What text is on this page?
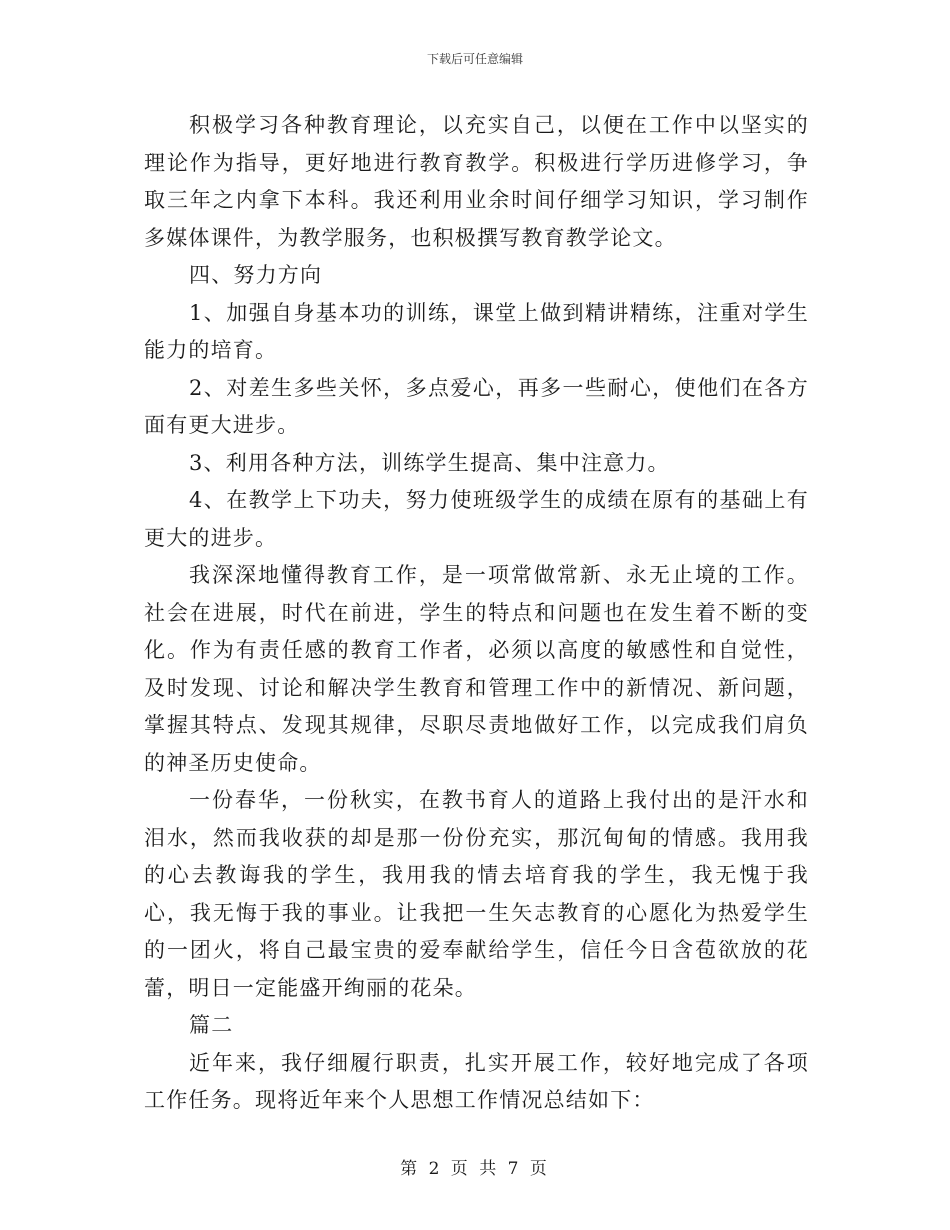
下载后可任意编辑

积极学习各种教育理论，以充实自己，以便在工作中以坚实的理论作为指导，更好地进行教育教学。积极进行学历进修学习，争取三年之内拿下本科。我还利用业余时间仔细学习知识，学习制作多媒体课件，为教学服务，也积极撰写教育教学论文。

四、努力方向

1、加强自身基本功的训练，课堂上做到精讲精练，注重对学生能力的培育。

2、对差生多些关怀，多点爱心，再多一些耐心，使他们在各方面有更大进步。

3、利用各种方法，训练学生提高、集中注意力。

4、在教学上下功夫，努力使班级学生的成绩在原有的基础上有更大的进步。

我深深地懂得教育工作，是一项常做常新、永无止境的工作。社会在进展，时代在前进，学生的特点和问题也在发生着不断的变化。作为有责任感的教育工作者，必须以高度的敏感性和自觉性，及时发现、讨论和解决学生教育和管理工作中的新情况、新问题，掌握其特点、发现其规律，尽职尽责地做好工作，以完成我们肩负的神圣历史使命。

一份春华，一份秋实，在教书育人的道路上我付出的是汗水和泪水，然而我收获的却是那一份份充实，那沉甸甸的情感。我用我的心去教诲我的学生，我用我的情去培育我的学生，我无愧于我心，我无悔于我的事业。让我把一生矢志教育的心愿化为热爱学生的一团火，将自己最宝贵的爱奉献给学生，信任今日含苞欲放的花蕾，明日一定能盛开绚丽的花朵。

篇二

近年来，我仔细履行职责，扎实开展工作，较好地完成了各项工作任务。现将近年来个人思想工作情况总结如下：

第 2 页 共 7 页
